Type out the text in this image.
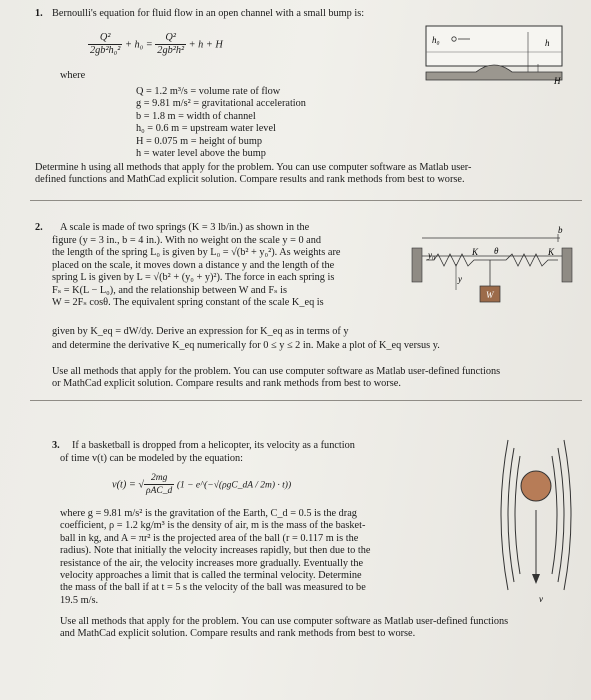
1. Bernoulli's equation for fluid flow in an open channel with a small bump is:
$\frac{\text{Q²}}{\text{2gb²h₀²}} + h_0 = \frac{\text{Q²}}{\text{2gb²h²}} + h + H$	h₀	h
H
where
Q = 1.2 m³/s = volume rate of flow
g = 9.81 m/s² = gravitational acceleration
b = 1.8 m = width of channel
h₀ = 0.6 m = upstream water level
H = 0.075 m = height of bump
h = water level above the bump
Determine h using all methods that apply for the problem. You can use computer software as Matlab user-
defined functions and MathCad explicit solution. Compare results and rank methods from best to worse.
2. A scale is made of two springs (K = 3 lb/in.) as shown in the
figure (y = 3 in., b = 4 in.). With no weight on the scale y = 0 and
the length of the spring L₀ is given by L₀ = √(b² + y₀²). As weights are
placed on the scale, it moves down a distance y and the length of the
spring L is given by L = √(b² + (y₀ + y)²). The force in each spring is
Fₛ = K(L − L₀), and the relationship between W and Fₛ is
W = 2Fₛ cosθ. The equivalent spring constant of the scale K_eq is
given by K_eq = dW/dy. Derive an expression for K_eq as in terms of y
and determine the derivative K_eq numerically for 0 ≤ y ≤ 2 in. Make a plot of K_eq versus y.
b
y₀	K θ	K
y
W
Use all methods that apply for the problem. You can use computer software as Matlab user-defined functions
or MathCad explicit solution. Compare results and rank methods from best to worse.
3. If a basketball is dropped from a helicopter, its velocity as a function
of time v(t) can be modeled by the equation:
v(t) = √ $\frac{2mg}{\text{ρAC\_d}} (1$ − e^(−√(ρgC_dA / 2m) · t))
where g = 9.81 m/s² is the gravitation of the Earth, C_d = 0.5 is the drag
coefficient, ρ = 1.2 kg/m³ is the density of air, m is the mass of the basket-
ball in kg, and A = πr² is the projected area of the ball (r = 0.117 m is the
radius). Note that initially the velocity increases rapidly, but then due to the
resistance of the air, the velocity increases more gradually. Eventually the
velocity approaches a limit that is called the terminal velocity. Determine
the mass of the ball if at t = 5 s the velocity of the ball was measured to be
19.5 m/s.	v
Use all methods that apply for the problem. You can use computer software as Matlab user-defined functions
and MathCad explicit solution. Compare results and rank methods from best to worse.
